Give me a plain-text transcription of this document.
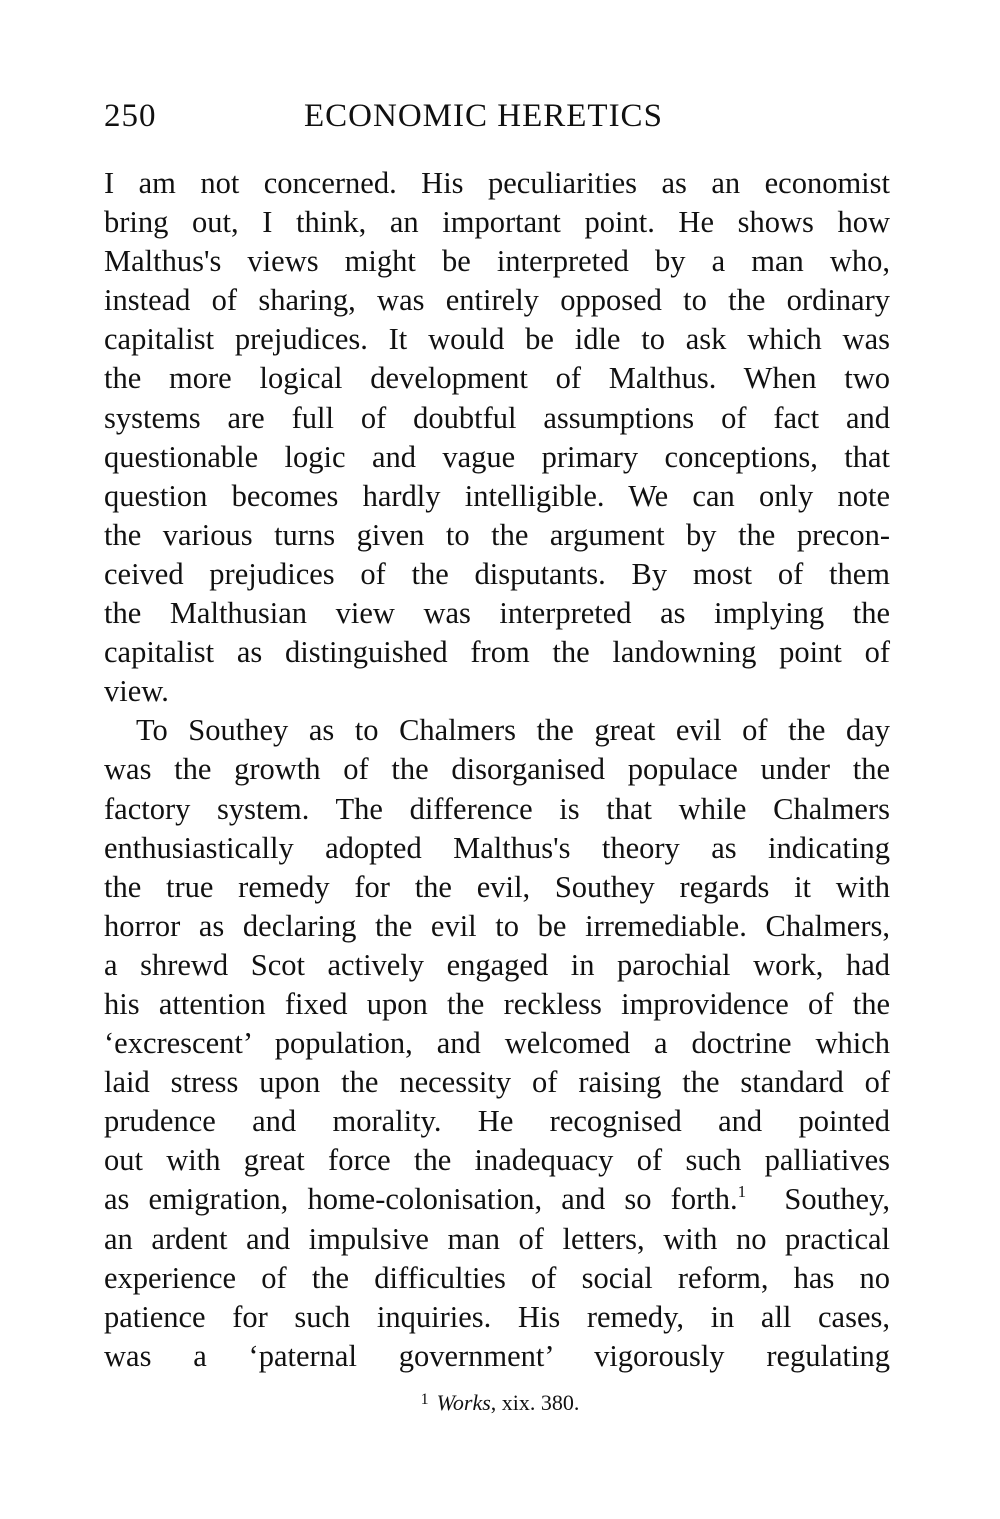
250	ECONOMIC HERETICS
I am not concerned. His peculiarities as an economist
bring out, I think, an important point. He shows how
Malthus's views might be interpreted by a man who,
instead of sharing, was entirely opposed to the ordinary
capitalist prejudices. It would be idle to ask which was
the more logical development of Malthus. When two
systems are full of doubtful assumptions of fact and
questionable logic and vague primary conceptions, that
question becomes hardly intelligible. We can only note
the various turns given to the argument by the precon-
ceived prejudices of the disputants. By most of them
the Malthusian view was interpreted as implying the
capitalist as distinguished from the landowning point of
view.
To Southey as to Chalmers the great evil of the day
was the growth of the disorganised populace under the
factory system. The difference is that while Chalmers
enthusiastically adopted Malthus's theory as indicating
the true remedy for the evil, Southey regards it with
horror as declaring the evil to be irremediable. Chalmers,
a shrewd Scot actively engaged in parochial work, had
his attention fixed upon the reckless improvidence of the
‘excrescent’ population, and welcomed a doctrine which
laid stress upon the necessity of raising the standard of
prudence and morality. He recognised and pointed
out with great force the inadequacy of such palliatives
as emigration, home-colonisation, and so forth.$^1$  Southey,
an ardent and impulsive man of letters, with no practical
experience of the difficulties of social reform, has no
patience for such inquiries. His remedy, in all cases,
was a ‘paternal government’ vigorously regulating
$^1$ Works, xix. 380.
